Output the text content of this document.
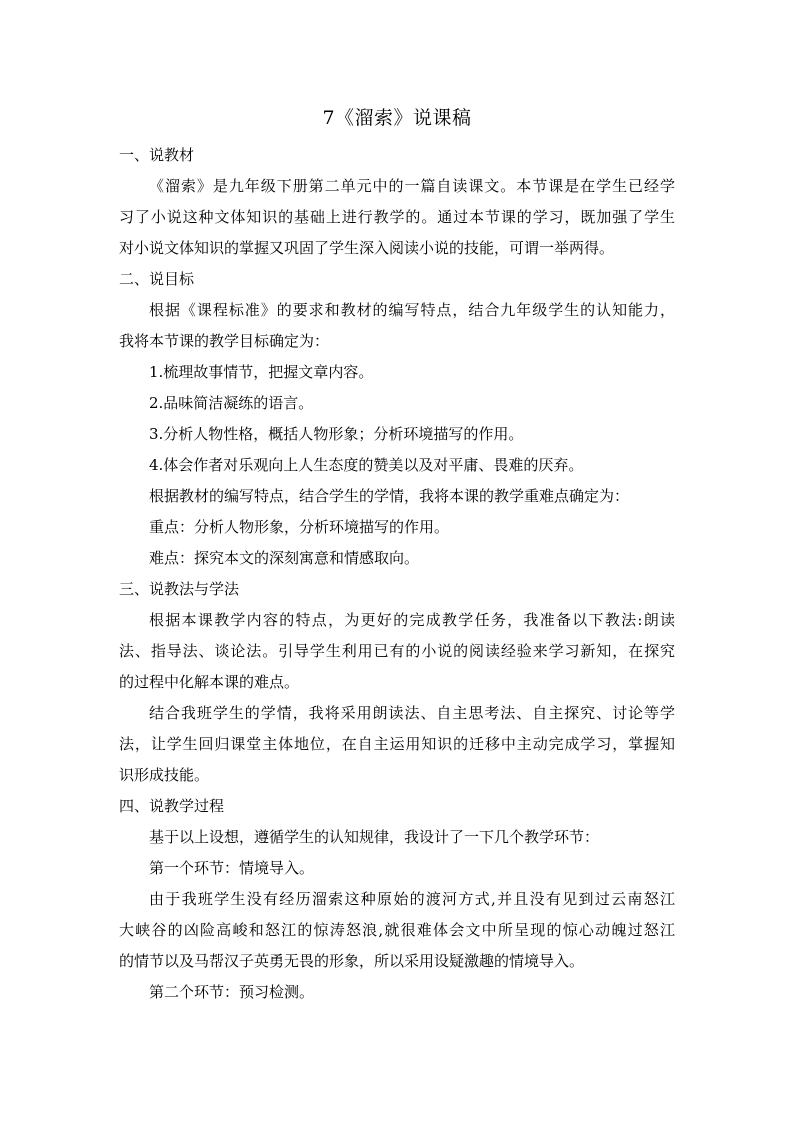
7《溜索》说课稿
一、说教材
《溜索》是九年级下册第二单元中的一篇自读课文。本节课是在学生已经学
习了小说这种文体知识的基础上进行教学的。通过本节课的学习，既加强了学生
对小说文体知识的掌握又巩固了学生深入阅读小说的技能，可谓一举两得。
二、说目标
根据《课程标准》的要求和教材的编写特点，结合九年级学生的认知能力，
我将本节课的教学目标确定为：
1.梳理故事情节，把握文章内容。
2.品味简洁凝练的语言。
3.分析人物性格，概括人物形象；分析环境描写的作用。
4.体会作者对乐观向上人生态度的赞美以及对平庸、畏难的厌弃。
根据教材的编写特点，结合学生的学情，我将本课的教学重难点确定为：
重点：分析人物形象，分析环境描写的作用。
难点：探究本文的深刻寓意和情感取向。
三、说教法与学法
根据本课教学内容的特点，为更好的完成教学任务，我准备以下教法:朗读
法、指导法、谈论法。引导学生利用已有的小说的阅读经验来学习新知，在探究
的过程中化解本课的难点。
结合我班学生的学情，我将采用朗读法、自主思考法、自主探究、讨论等学
法，让学生回归课堂主体地位，在自主运用知识的迁移中主动完成学习，掌握知
识形成技能。
四、说教学过程
基于以上设想，遵循学生的认知规律，我设计了一下几个教学环节：
第一个环节：情境导入。
由于我班学生没有经历溜索这种原始的渡河方式,并且没有见到过云南怒江
大峡谷的凶险高峻和怒江的惊涛怒浪,就很难体会文中所呈现的惊心动魄过怒江
的情节以及马帮汉子英勇无畏的形象，所以采用设疑激趣的情境导入。
第二个环节：预习检测。
